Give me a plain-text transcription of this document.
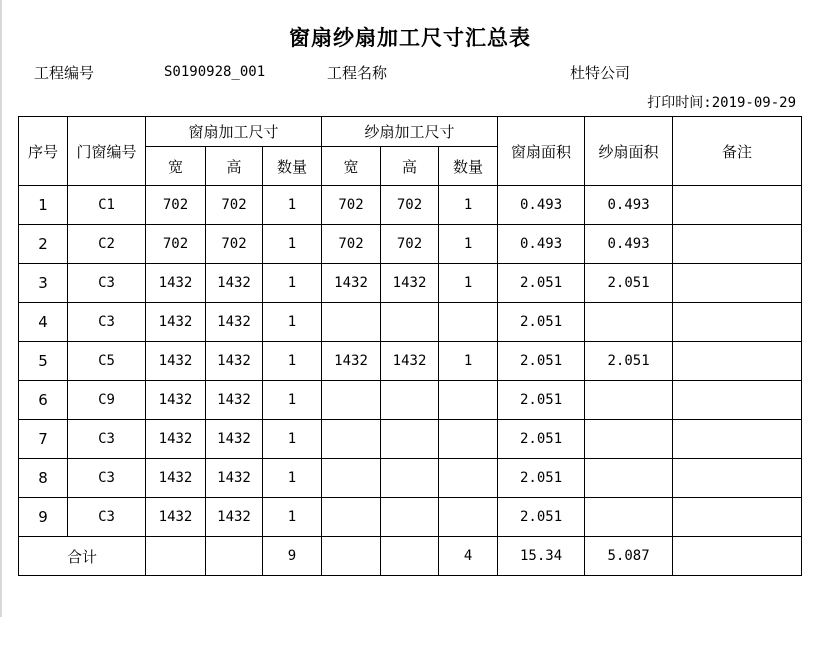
窗扇纱扇加工尺寸汇总表
工程编号	S0190928_001	工程名称	杜特公司
打印时间:2019-09-29
序号	门窗编号	窗扇加工尺寸			纱扇加工尺寸			窗扇面积	纱扇面积	备注
		宽	高	数量	宽	高	数量			
1	C1	702	702	1	702	702	1	0.493	0.493	
2	C2	702	702	1	702	702	1	0.493	0.493	
3	C3	1432	1432	1	1432	1432	1	2.051	2.051	
4	C3	1432	1432	1				2.051		
5	C5	1432	1432	1	1432	1432	1	2.051	2.051	
6	C9	1432	1432	1				2.051		
7	C3	1432	1432	1				2.051		
8	C3	1432	1432	1				2.051		
9	C3	1432	1432	1				2.051		
合计				9			4	15.34	5.087	
